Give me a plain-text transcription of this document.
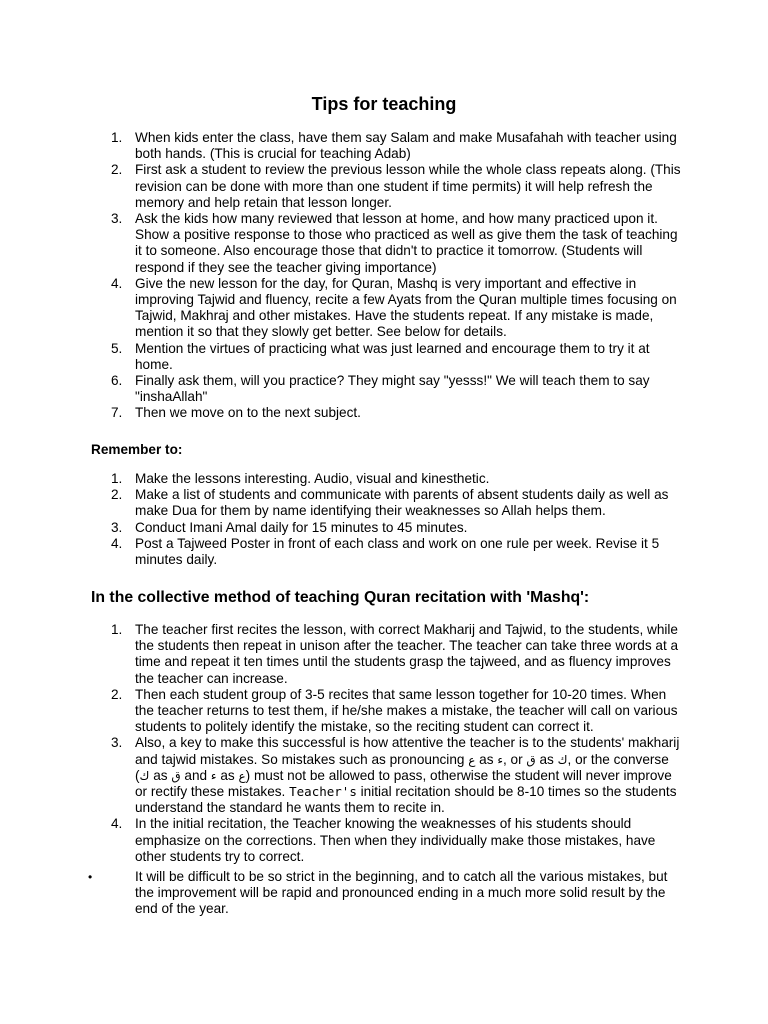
Tips for teaching
1. When kids enter the class, have them say Salam and make Musafahah with teacher using both hands. (This is crucial for teaching Adab)
2. First ask a student to review the previous lesson while the whole class repeats along. (This revision can be done with more than one student if time permits) it will help refresh the memory and help retain that lesson longer.
3. Ask the kids how many reviewed that lesson at home, and how many practiced upon it. Show a positive response to those who practiced as well as give them the task of teaching it to someone. Also encourage those that didn't to practice it tomorrow. (Students will respond if they see the teacher giving importance)
4. Give the new lesson for the day, for Quran, Mashq is very important and effective in improving Tajwid and fluency, recite a few Ayats from the Quran multiple times focusing on Tajwid, Makhraj and other mistakes. Have the students repeat. If any mistake is made, mention it so that they slowly get better. See below for details.
5. Mention the virtues of practicing what was just learned and encourage them to try it at home.
6. Finally ask them, will you practice? They might say "yesss!" We will teach them to say "inshaAllah"
7. Then we move on to the next subject.
Remember to:
1. Make the lessons interesting. Audio, visual and kinesthetic.
2. Make a list of students and communicate with parents of absent students daily as well as make Dua for them by name identifying their weaknesses so Allah helps them.
3. Conduct Imani Amal daily for 15 minutes to 45 minutes.
4. Post a Tajweed Poster in front of each class and work on one rule per week. Revise it 5 minutes daily.
In the collective method of teaching Quran recitation with 'Mashq':
1. The teacher first recites the lesson, with correct Makharij and Tajwid, to the students, while the students then repeat in unison after the teacher. The teacher can take three words at a time and repeat it ten times until the students grasp the tajweed, and as fluency improves the teacher can increase.
2. Then each student group of 3-5 recites that same lesson together for 10-20 times. When the teacher returns to test them, if he/she makes a mistake, the teacher will call on various students to politely identify the mistake, so the reciting student can correct it.
3. Also, a key to make this successful is how attentive the teacher is to the students' makharij and tajwid mistakes. So mistakes such as pronouncing ع as ء, or ق as ك, or the converse (ك as ق and ء as ع) must not be allowed to pass, otherwise the student will never improve or rectify these mistakes. Teacher's initial recitation should be 8-10 times so the students understand the standard he wants them to recite in.
4. In the initial recitation, the Teacher knowing the weaknesses of his students should emphasize on the corrections. Then when they individually make those mistakes, have other students try to correct.
•	It will be difficult to be so strict in the beginning, and to catch all the various mistakes, but the improvement will be rapid and pronounced ending in a much more solid result by the end of the year.
